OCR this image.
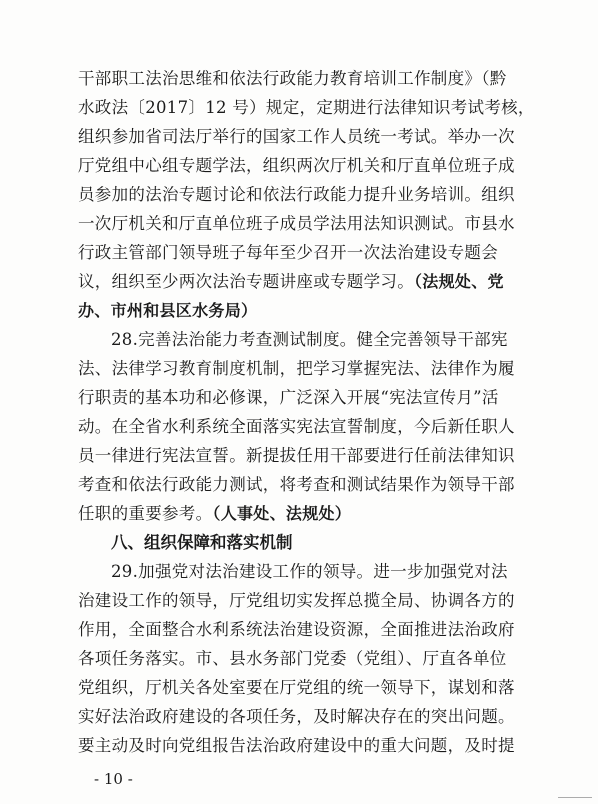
干部职工法治思维和依法行政能力教育培训工作制度》（黔
水政法〔2017〕12 号）规定，定期进行法律知识考试考核，
组织参加省司法厅举行的国家工作人员统一考试。举办一次
厅党组中心组专题学法，组织两次厅机关和厅直单位班子成
员参加的法治专题讨论和依法行政能力提升业务培训。组织
一次厅机关和厅直单位班子成员学法用法知识测试。市县水
行政主管部门领导班子每年至少召开一次法治建设专题会
议，组织至少两次法治专题讲座或专题学习。（法规处、党
办、市州和县区水务局）
28.完善法治能力考查测试制度。健全完善领导干部宪
法、法律学习教育制度机制，把学习掌握宪法、法律作为履
行职责的基本功和必修课，广泛深入开展“宪法宣传月”活
动。在全省水利系统全面落实宪法宣誓制度，今后新任职人
员一律进行宪法宣誓。新提拔任用干部要进行任前法律知识
八、组织保障和落实机制
29.加强党对法治建设工作的领导。进一步加强党对法
治建设工作的领导，厅党组切实发挥总揽全局、协调各方的
作用，全面整合水利系统法治建设资源，全面推进法治政府
各项任务落实。市、县水务部门党委（党组）、厅直各单位
党组织，厅机关各处室要在厅党组的统一领导下，谋划和落
实好法治政府建设的各项任务，及时解决存在的突出问题。
- 10 -
考查和依法行政能力测试，将考查和测试结果作为领导干部
任职的重要参考。（人事处、法规处）
要主动及时向党组报告法治政府建设中的重大问题，及时提
